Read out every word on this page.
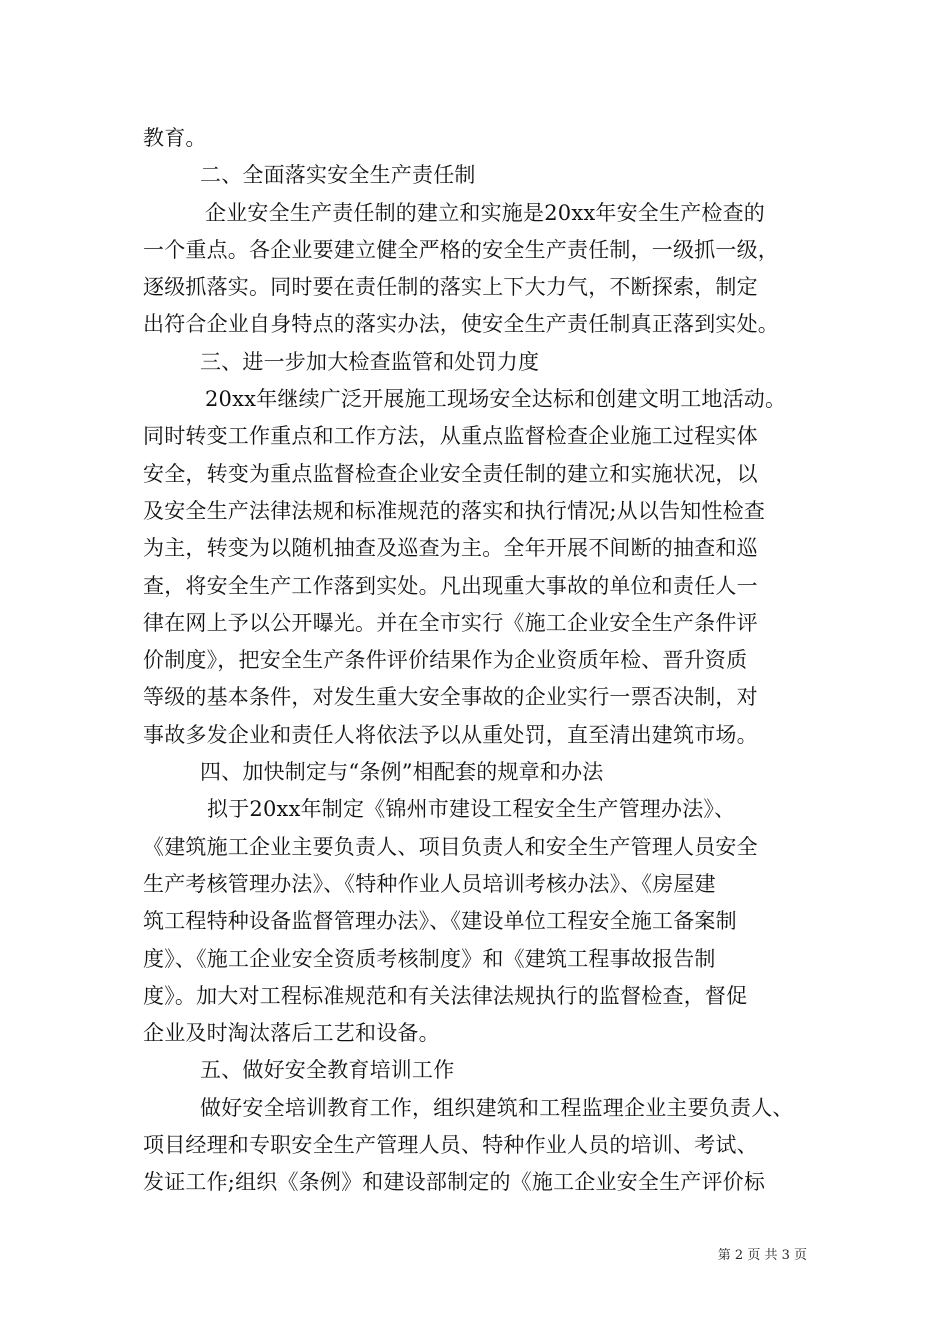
教育。
二、全面落实安全生产责任制
企业安全生产责任制的建立和实施是20xx年安全生产检查的
一个重点。各企业要建立健全严格的安全生产责任制，一级抓一级，
逐级抓落实。同时要在责任制的落实上下大力气，不断探索，制定
出符合企业自身特点的落实办法，使安全生产责任制真正落到实处。
三、进一步加大检查监管和处罚力度
20xx年继续广泛开展施工现场安全达标和创建文明工地活动。
同时转变工作重点和工作方法，从重点监督检查企业施工过程实体
安全，转变为重点监督检查企业安全责任制的建立和实施状况，以
及安全生产法律法规和标准规范的落实和执行情况;从以告知性检查
为主，转变为以随机抽查及巡查为主。全年开展不间断的抽查和巡
查，将安全生产工作落到实处。凡出现重大事故的单位和责任人一
律在网上予以公开曝光。并在全市实行《施工企业安全生产条件评
价制度》，把安全生产条件评价结果作为企业资质年检、晋升资质
等级的基本条件，对发生重大安全事故的企业实行一票否决制，对
事故多发企业和责任人将依法予以从重处罚，直至清出建筑市场。
四、加快制定与“条例”相配套的规章和办法
拟于20xx年制定《锦州市建设工程安全生产管理办法》、
《建筑施工企业主要负责人、项目负责人和安全生产管理人员安全
生产考核管理办法》、《特种作业人员培训考核办法》、《房屋建
筑工程特种设备监督管理办法》、《建设单位工程安全施工备案制
度》、《施工企业安全资质考核制度》和《建筑工程事故报告制
度》。加大对工程标准规范和有关法律法规执行的监督检查，督促
企业及时淘汰落后工艺和设备。
五、做好安全教育培训工作
做好安全培训教育工作，组织建筑和工程监理企业主要负责人、
项目经理和专职安全生产管理人员、特种作业人员的培训、考试、
发证工作;组织《条例》和建设部制定的《施工企业安全生产评价标
第 2 页 共 3 页
